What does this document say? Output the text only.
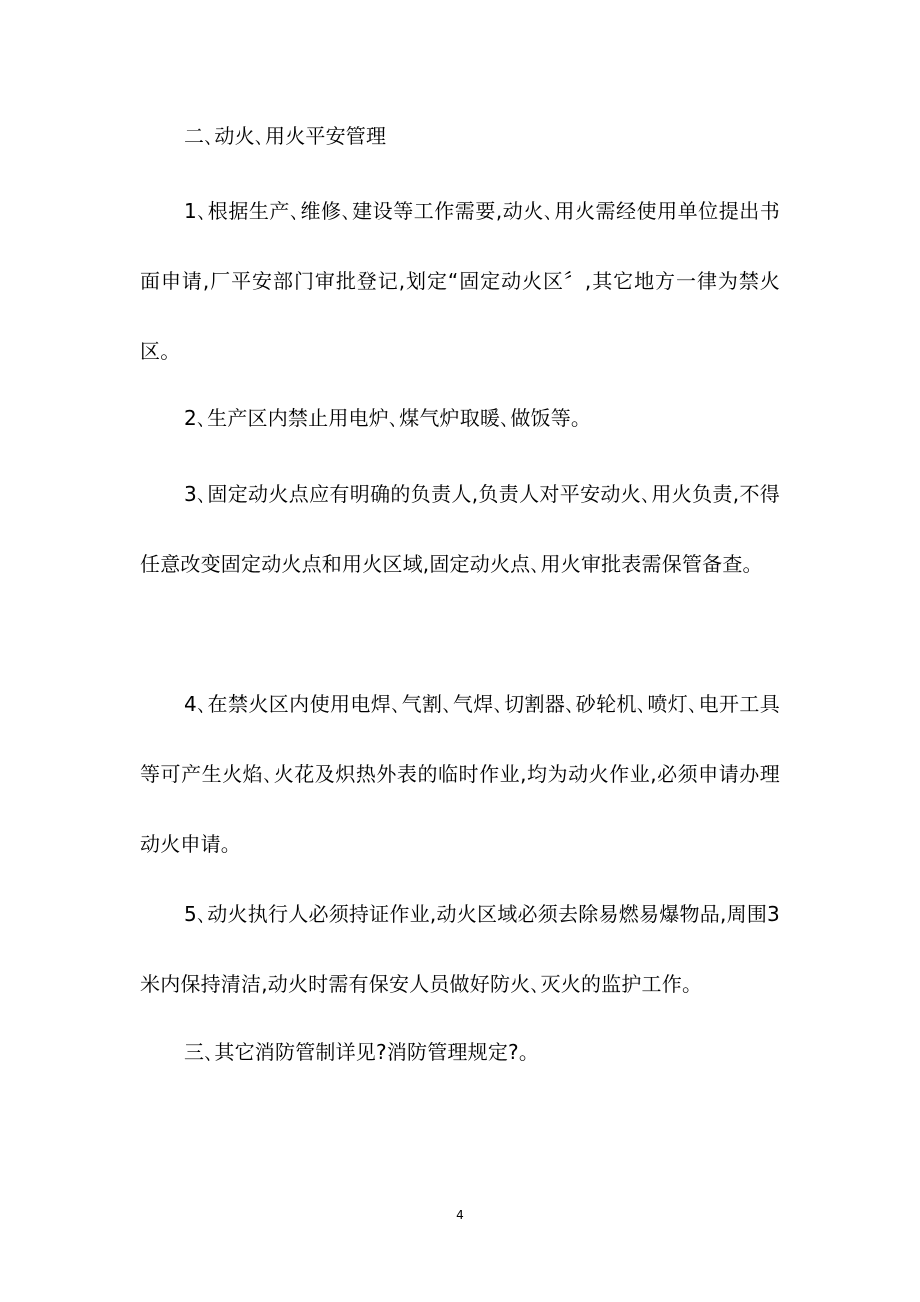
二､动火､用火平安管理

1､根据生产､维修､建设等工作需要,动火､用火需经使用单位提出书面申请,厂平安部门审批登记,划定“固定动火区〞,其它地方一律为禁火区。

2､生产区内禁止用电炉､煤气炉取暖､做饭等。

3､固定动火点应有明确的负责人,负责人对平安动火､用火负责,不得任意改变固定动火点和用火区域,固定动火点､用火审批表需保管备查。

4､在禁火区内使用电焊､气割､气焊､切割器､砂轮机､喷灯､电开工具等可产生火焰､火花及炽热外表的临时作业,均为动火作业,必须申请办理动火申请。

5､动火执行人必须持证作业,动火区域必须去除易燃易爆物品,周围3米内保持清洁,动火时需有保安人员做好防火､灭火的监护工作。

三､其它消防管制详见?消防管理规定?。

4
